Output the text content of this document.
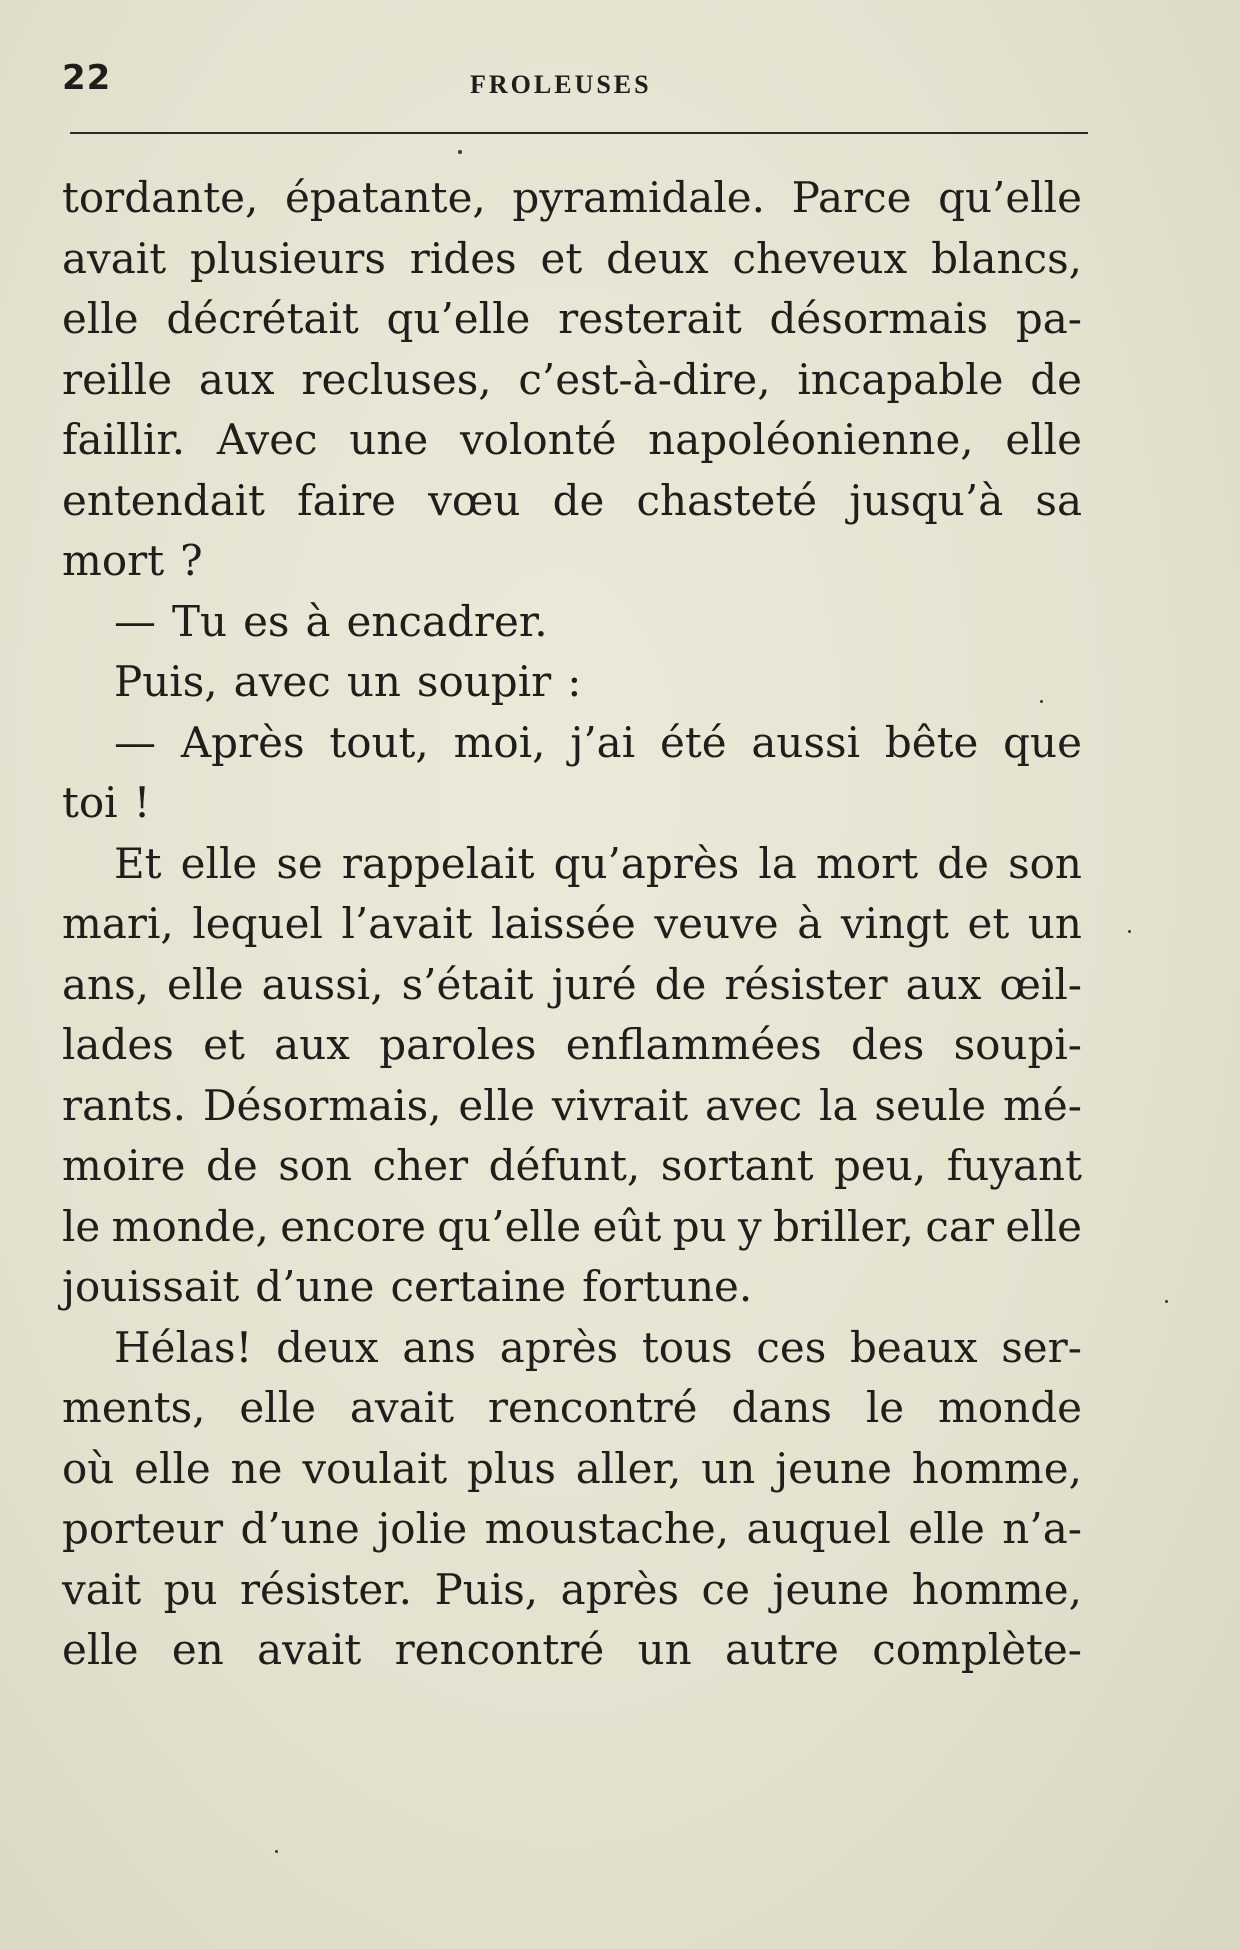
22	FROLEUSES
tordante, épatante, pyramidale. Parce qu’elle
avait plusieurs rides et deux cheveux blancs,
elle décrétait qu’elle resterait désormais pa-
reille aux recluses, c’est-à-dire, incapable de
faillir. Avec une volonté napoléonienne, elle
entendait faire vœu de chasteté jusqu’à sa
mort ?
— Tu es à encadrer.
Puis, avec un soupir :
— Après tout, moi, j’ai été aussi bête que
toi !
Et elle se rappelait qu’après la mort de son
mari, lequel l’avait laissée veuve à vingt et un
ans, elle aussi, s’était juré de résister aux œil-
lades et aux paroles enflammées des soupi-
rants. Désormais, elle vivrait avec la seule mé-
moire de son cher défunt, sortant peu, fuyant
le monde, encore qu’elle eût pu y briller, car elle
jouissait d’une certaine fortune.
Hélas! deux ans après tous ces beaux ser-
ments, elle avait rencontré dans le monde
où elle ne voulait plus aller, un jeune homme,
porteur d’une jolie moustache, auquel elle n’a-
vait pu résister. Puis, après ce jeune homme,
elle en avait rencontré un autre complète-
